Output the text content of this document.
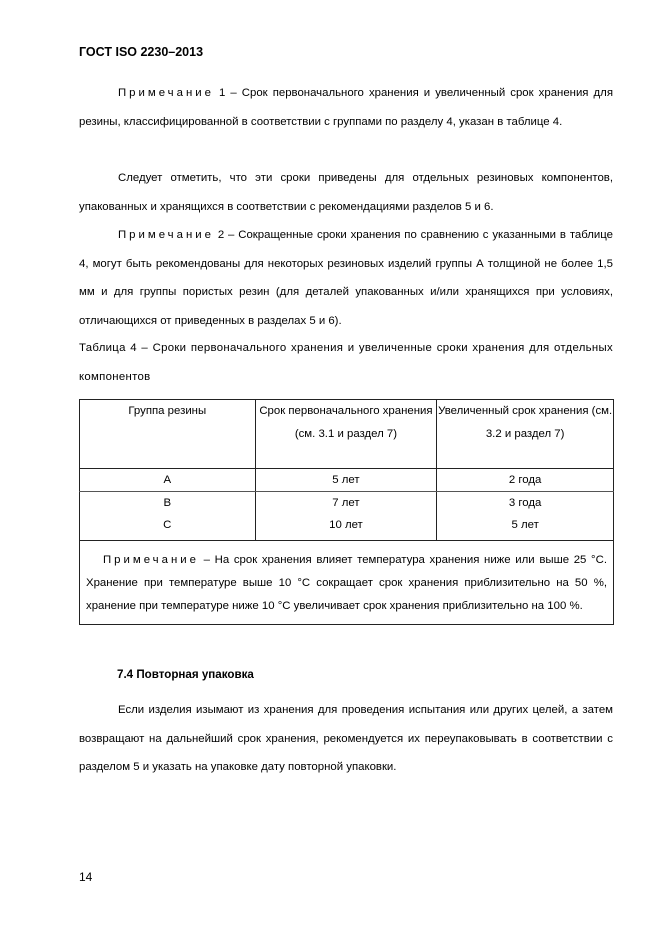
ГОСТ ISO 2230–2013

Примечание 1 – Срок первоначального хранения и увеличенный срок хранения для резины, классифицированной в соответствии с группами по разделу 4, указан в таблице 4.

Следует отметить, что эти сроки приведены для отдельных резиновых компонентов, упакованных и хранящихся в соответствии с рекомендациями разделов 5 и 6.

Примечание 2 – Сокращенные сроки хранения по сравнению с указанными в таблице 4, могут быть рекомендованы для некоторых резиновых изделий группы А толщиной не более 1,5 мм и для группы пористых резин (для деталей упакованных и/или хранящихся при условиях, отличающихся от приведенных в разделах 5 и 6).

Таблица 4 – Сроки первоначального хранения и увеличенные сроки хранения для отдельных компонентов

Группа резины	Срок первоначального хранения (см. 3.1 и раздел 7)	Увеличенный срок хранения (см. 3.2 и раздел 7)
А	5 лет	2 года
В	7 лет	3 года
С	10 лет	5 лет

Примечание – На срок хранения влияет температура хранения ниже или выше 25 °С. Хранение при температуре выше 10 °С сокращает срок хранения приблизительно на 50 %, хранение при температуре ниже 10 °С увеличивает срок хранения приблизительно на 100 %.		
7.4 Повторная упаковка

Если изделия изымают из хранения для проведения испытания или других целей, а затем возвращают на дальнейший срок хранения, рекомендуется их переупаковывать в соответствии с разделом 5 и указать на упаковке дату повторной упаковки.

14
